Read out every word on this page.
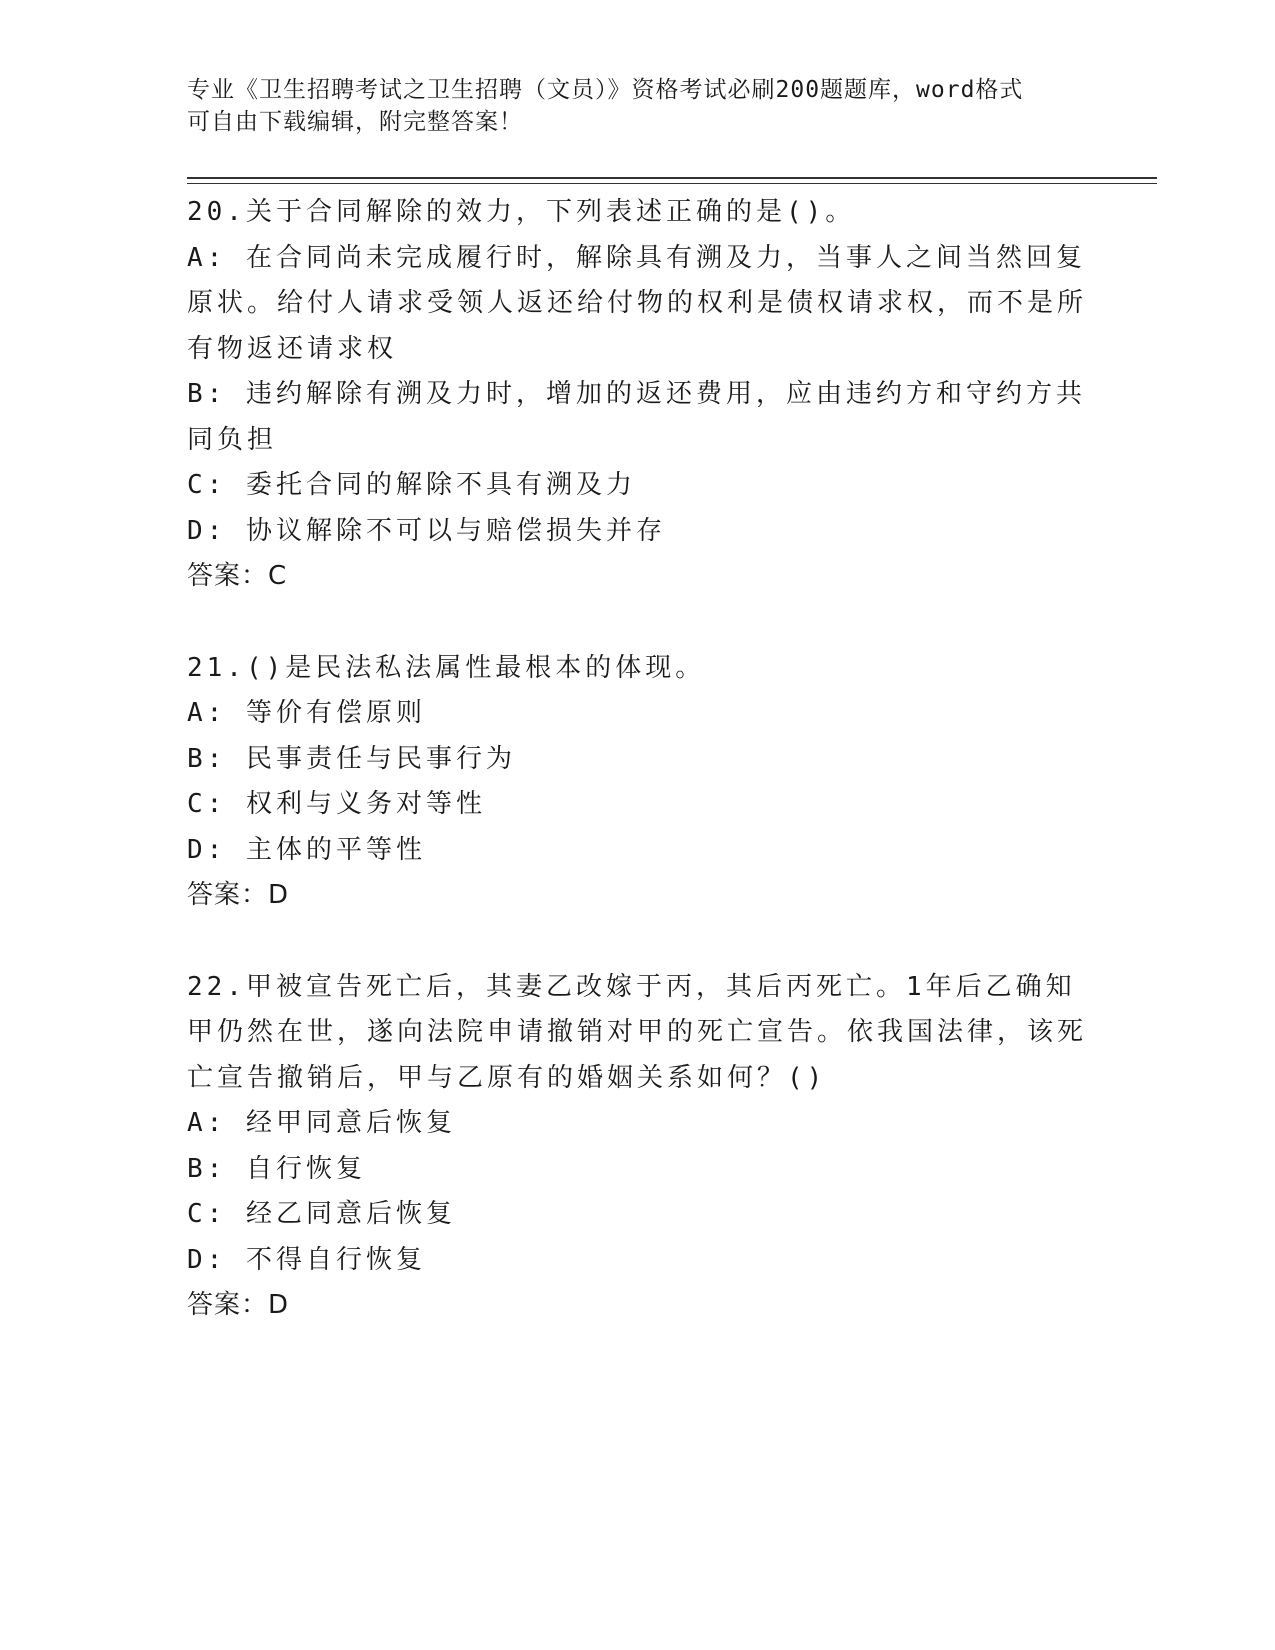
专业《卫生招聘考试之卫生招聘（文员）》资格考试必刷200题题库，word格式
可自由下载编辑，附完整答案！

20.关于合同解除的效力，下列表述正确的是()。

A: 在合同尚未完成履行时，解除具有溯及力，当事人之间当然回复原状。给付人请求受领人返还给付物的权利是债权请求权，而不是所有物返还请求权

B: 违约解除有溯及力时，增加的返还费用，应由违约方和守约方共同负担

C: 委托合同的解除不具有溯及力

D: 协议解除不可以与赔偿损失并存

答案：C

21.()是民法私法属性最根本的体现。

A: 等价有偿原则

B: 民事责任与民事行为

C: 权利与义务对等性

D: 主体的平等性

答案：D

22.甲被宣告死亡后，其妻乙改嫁于丙，其后丙死亡。1年后乙确知甲仍然在世，遂向法院申请撤销对甲的死亡宣告。依我国法律，该死亡宣告撤销后，甲与乙原有的婚姻关系如何？()

A: 经甲同意后恢复

B: 自行恢复

C: 经乙同意后恢复

D: 不得自行恢复

答案：D
